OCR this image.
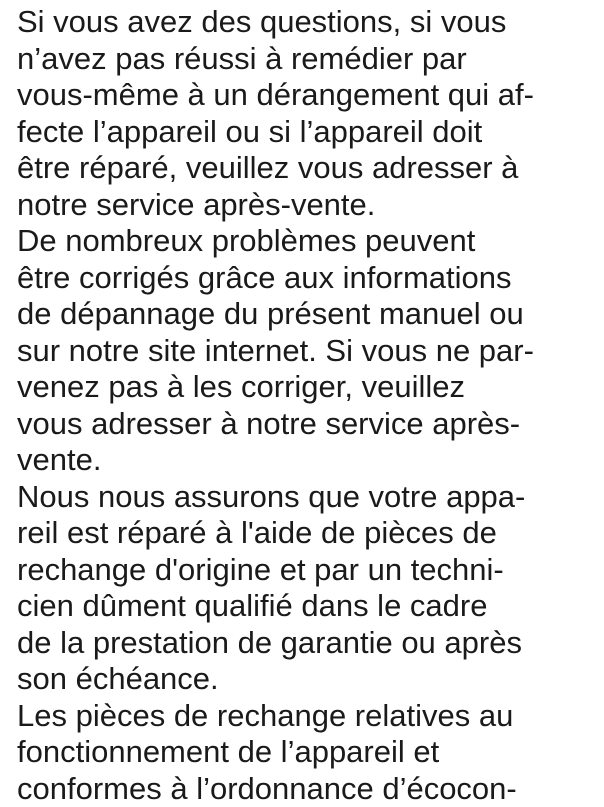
Si vous avez des questions, si vous
n’avez pas réussi à remédier par
vous-même à un dérangement qui af-
fecte l’appareil ou si l’appareil doit
être réparé, veuillez vous adresser à
notre service après-vente.

De nombreux problèmes peuvent
être corrigés grâce aux informations
de dépannage du présent manuel ou
sur notre site internet. Si vous ne par-
venez pas à les corriger, veuillez
vous adresser à notre service après-
vente.

Nous nous assurons que votre appa-
reil est réparé à l'aide de pièces de
rechange d'origine et par un techni-
cien dûment qualifié dans le cadre
de la prestation de garantie ou après
son échéance.

Les pièces de rechange relatives au
fonctionnement de l’appareil et
conformes à l’ordonnance d’écocon-
